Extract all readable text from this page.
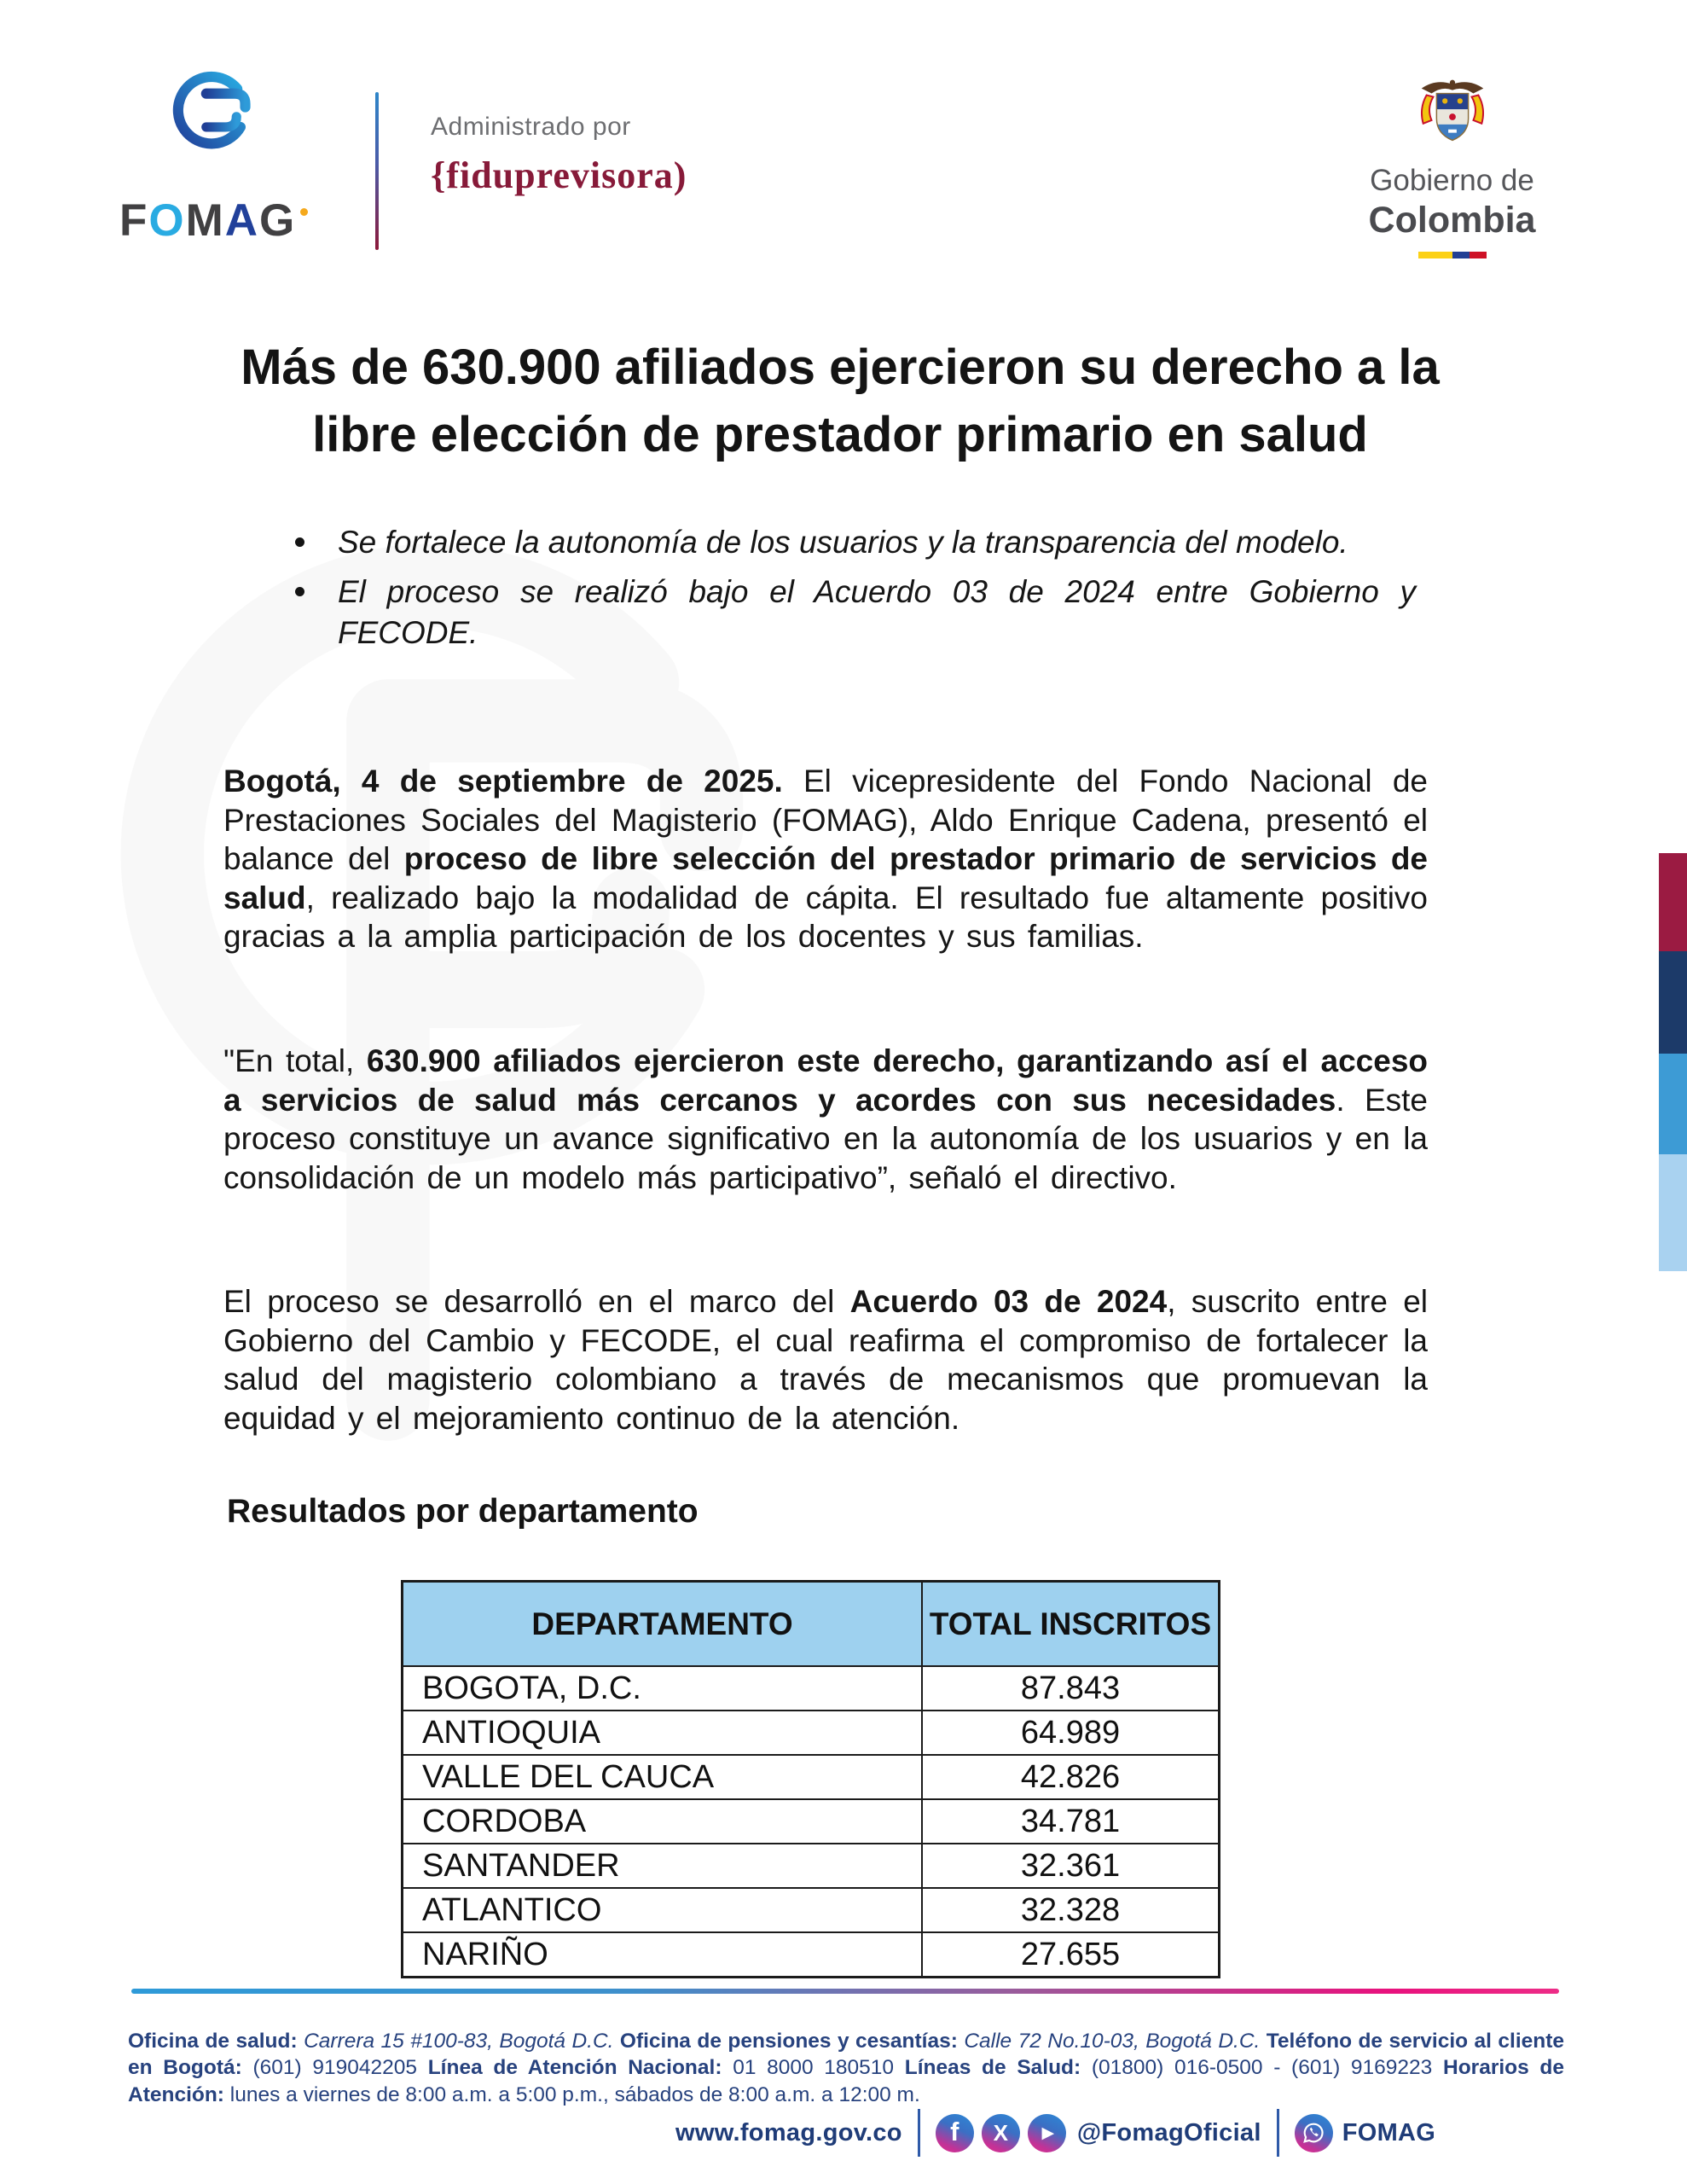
F O M A G
Administrado por
{fiduprevisora)	Gobierno de
Colombia
Más de 630.900 afiliados ejercieron su derecho a la libre elección de prestador primario en salud
Se fortalece la autonomía de los usuarios y la transparencia del modelo.
El proceso se realizó bajo el Acuerdo 03 de 2024 entre Gobierno y FECODE.

Bogotá, 4 de septiembre de 2025. El vicepresidente del Fondo Nacional de Prestaciones Sociales del Magisterio (FOMAG), Aldo Enrique Cadena, presentó el balance del proceso de libre selección del prestador primario de servicios de salud, realizado bajo la modalidad de cápita. El resultado fue altamente positivo gracias a la amplia participación de los docentes y sus familias.

"En total, 630.900 afiliados ejercieron este derecho, garantizando así el acceso a servicios de salud más cercanos y acordes con sus necesidades. Este proceso constituye un avance significativo en la autonomía de los usuarios y en la consolidación de un modelo más participativo”, señaló el directivo.

El proceso se desarrolló en el marco del Acuerdo 03 de 2024, suscrito entre el Gobierno del Cambio y FECODE, el cual reafirma el compromiso de fortalecer la salud del magisterio colombiano a través de mecanismos que promuevan la equidad y el mejoramiento continuo de la atención.

Resultados por departamento
DEPARTAMENTO	TOTAL INSCRITOS
BOGOTA, D.C.	87.843
ANTIOQUIA	64.989
VALLE DEL CAUCA	42.826
CORDOBA	34.781
SANTANDER	32.361
ATLANTICO	32.328
NARIÑO	27.655

Oficina de salud: Carrera 15 #100-83, Bogotá D.C. Oficina de pensiones y cesantías: Calle 72 No.10-03, Bogotá D.C. Teléfono de servicio al cliente en Bogotá: (601) 919042205 Línea de Atención Nacional: 01 8000 180510 Líneas de Salud: (01800) 016-0500 - (601) 9169223 Horarios de Atención: lunes a viernes de 8:00 a.m. a 5:00 p.m., sábados de 8:00 a.m. a 12:00 m.

www.fomag.gov.co f X ▶ @FomagOficial	FOMAG
